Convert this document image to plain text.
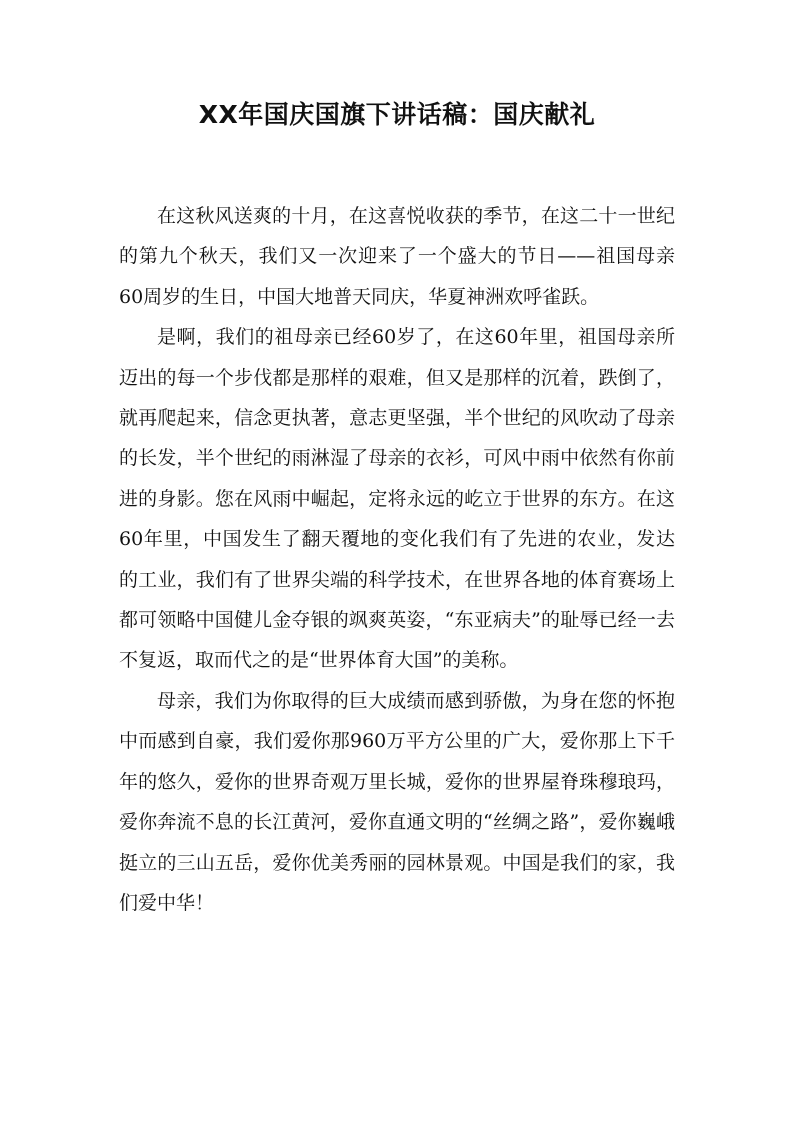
XX年国庆国旗下讲话稿：国庆献礼

在这秋风送爽的十月，在这喜悦收获的季节，在这二十一世纪的第九个秋天，我们又一次迎来了一个盛大的节日——祖国母亲60周岁的生日，中国大地普天同庆，华夏神洲欢呼雀跃。

是啊，我们的祖母亲已经60岁了，在这60年里，祖国母亲所迈出的每一个步伐都是那样的艰难，但又是那样的沉着，跌倒了，就再爬起来，信念更执著，意志更坚强，半个世纪的风吹动了母亲的长发，半个世纪的雨淋湿了母亲的衣衫，可风中雨中依然有你前进的身影。您在风雨中崛起，定将永远的屹立于世界的东方。在这60年里，中国发生了翻天覆地的变化我们有了先进的农业，发达的工业，我们有了世界尖端的科学技术，在世界各地的体育赛场上都可领略中国健儿金夺银的飒爽英姿，“东亚病夫”的耻辱已经一去不复返，取而代之的是“世界体育大国”的美称。

母亲，我们为你取得的巨大成绩而感到骄傲，为身在您的怀抱中而感到自豪，我们爱你那960万平方公里的广大，爱你那上下千年的悠久，爱你的世界奇观万里长城，爱你的世界屋脊珠穆琅玛，爱你奔流不息的长江黄河，爱你直通文明的“丝绸之路”，爱你巍峨挺立的三山五岳，爱你优美秀丽的园林景观。中国是我们的家，我们爱中华！
